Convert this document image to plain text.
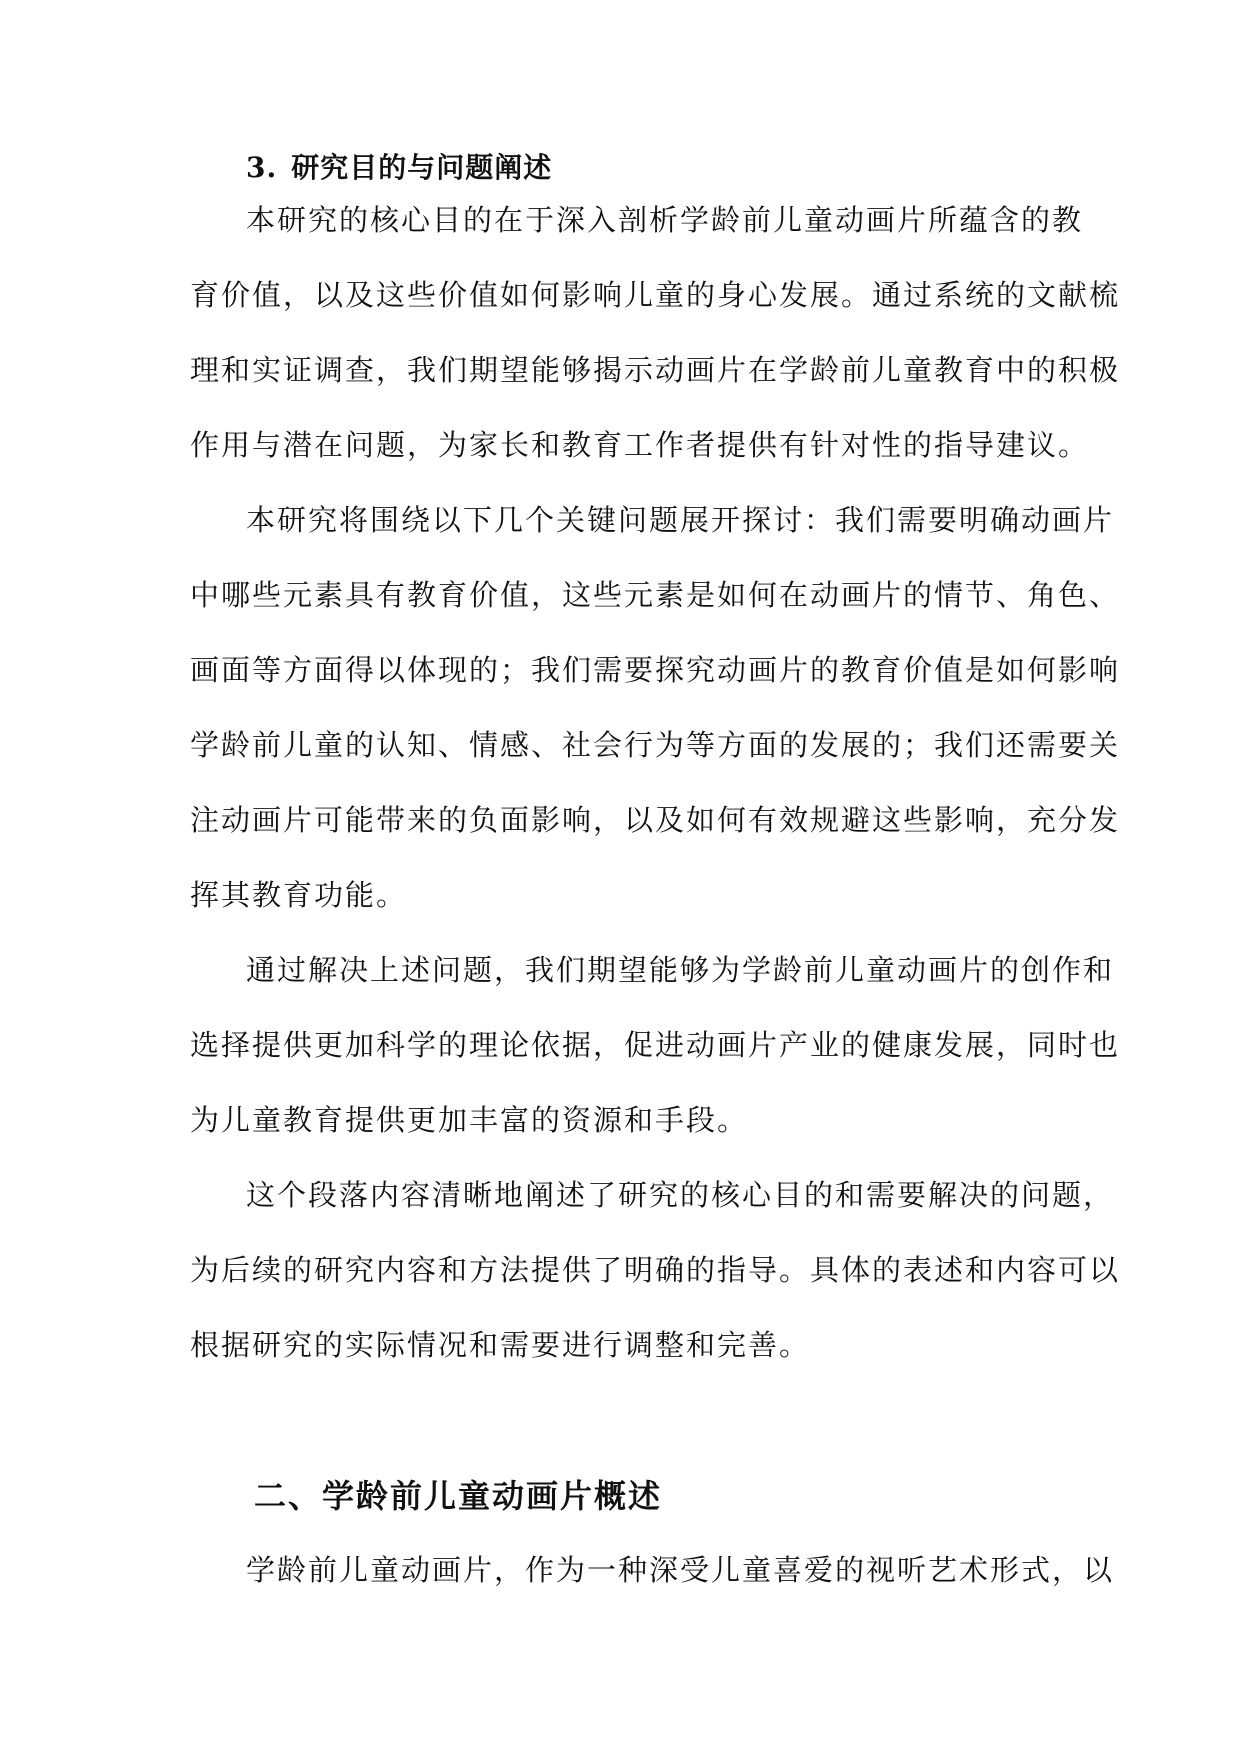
3. 研究目的与问题阐述
本研究的核心目的在于深入剖析学龄前儿童动画片所蕴含的教
育价值，以及这些价值如何影响儿童的身心发展。通过系统的文献梳
理和实证调查，我们期望能够揭示动画片在学龄前儿童教育中的积极
作用与潜在问题，为家长和教育工作者提供有针对性的指导建议。
本研究将围绕以下几个关键问题展开探讨：我们需要明确动画片
中哪些元素具有教育价值，这些元素是如何在动画片的情节、角色、
画面等方面得以体现的；我们需要探究动画片的教育价值是如何影响
学龄前儿童的认知、情感、社会行为等方面的发展的；我们还需要关
注动画片可能带来的负面影响，以及如何有效规避这些影响，充分发
挥其教育功能。
通过解决上述问题，我们期望能够为学龄前儿童动画片的创作和
选择提供更加科学的理论依据，促进动画片产业的健康发展，同时也
为儿童教育提供更加丰富的资源和手段。
这个段落内容清晰地阐述了研究的核心目的和需要解决的问题，
为后续的研究内容和方法提供了明确的指导。具体的表述和内容可以
根据研究的实际情况和需要进行调整和完善。
二、学龄前儿童动画片概述
学龄前儿童动画片，作为一种深受儿童喜爱的视听艺术形式，以
